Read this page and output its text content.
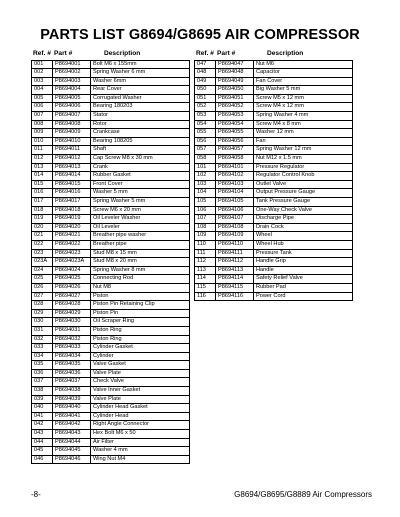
PARTS LIST G8694/G8695 AIR COMPRESSOR
Ref. # Part #	Description	Ref. # Part #	Description
001	P8694001	Bolt M6 x 155mm
002	P8694002	Spring Washer 6 mm
003	P8694003	Washer 6mm
004	P8694004	Rear Cover
005	P8694005	Corrugated Washer
006	P8694006	Bearing 180203
007	P8694007	Stator
008	P8694008	Rotor
009	P8694009	Crankcase
010	P8694010	Bearing 108205
011	P8694011	Shaft
012	P8694012	Cap Screw M8 x 30 mm
013	P8694013	Crank
014	P8694014	Rubber Gasket
015	P8694015	Front Cover
016	P8694016	Washer 5 mm
017	P8694017	Spring Washer 5 mm
018	P8694018	Screw M6 x 20 mm
019	P8694019	Oil Leveler Washer
020	P8694020	Oil Leveler
021	P8694021	Breather pipe washer
022	P8694022	Breather pipe
023	P8694023	Stud M8 x 15 mm
023A	P8694023A	Stud M8 x 20 mm
024	P8694024	Spring Washer 8 mm
025	P8694025	Connecting Rod
026	P8694026	Nut M8
027	P8694027	Piston
028	P8694028	Piston Pin Retaining Clip
029	P8694029	Piston Pin
030	P8694030	Oil Scraper Ring
031	P8694031	Piston Ring
032	P8694032	Piston Ring
033	P8694033	Cylinder Gasket
034	P8694034	Cylinder
035	P8694035	Valve Gasket
036	P8694036	Valve Plate
037	P8694037	Check Valve
038	P8694038	Valve Inner Gasket
039	P8694039	Valve Plate
040	P8694040	Cylinder Head Gasket
041	P8694041	Cylinder Head
042	P8694042	Right Angle Connector
043	P8694043	Hex Bolt M6 x 50
044	P8694044	Air Filter
045	P8694045	Washer 4 mm
046	P8694046	Wing Nut M4
047	P8694047	Nut M6
048	P8694048	Capacitor
049	P8694049	Fan Cover
050	P8694050	Big Washer 5 mm
051	P8694051	Screw M5 x 12 mm
052	P8694052	Screw M4 x 12 mm
053	P8694053	Spring Washer 4 mm
054	P8694054	Screw M4 x 8 mm
055	P8694055	Washer 12 mm
056	P8694056	Fan
057	P8694057	Spring Washer 12 mm
058	P8694058	Nut M12 x 1.5 mm
101	P8694101	Pressure Regulator
102	P8694102	Regulator Control Knob
103	P8694103	Outlet Valve
104	P8694104	Output Pressure Gauge
105	P8694105	Tank Pressure Gauge
106	P8694106	One-Way Check Valve
107	P8694107	Discharge Pipe
108	P8694108	Drain Cock
109	P8694109	Wheel
110	P8694110	Wheel Hub
111	P8694111	Pressure Tank
112	P8694112	Handle Grip
113	P8694113	Handle
114	P8694114	Safety Relief Valve
115	P8694115	Rubber Pad
116	P8694116	Power Cord
-8-	G8694/G8695/G8889 Air Compressors
